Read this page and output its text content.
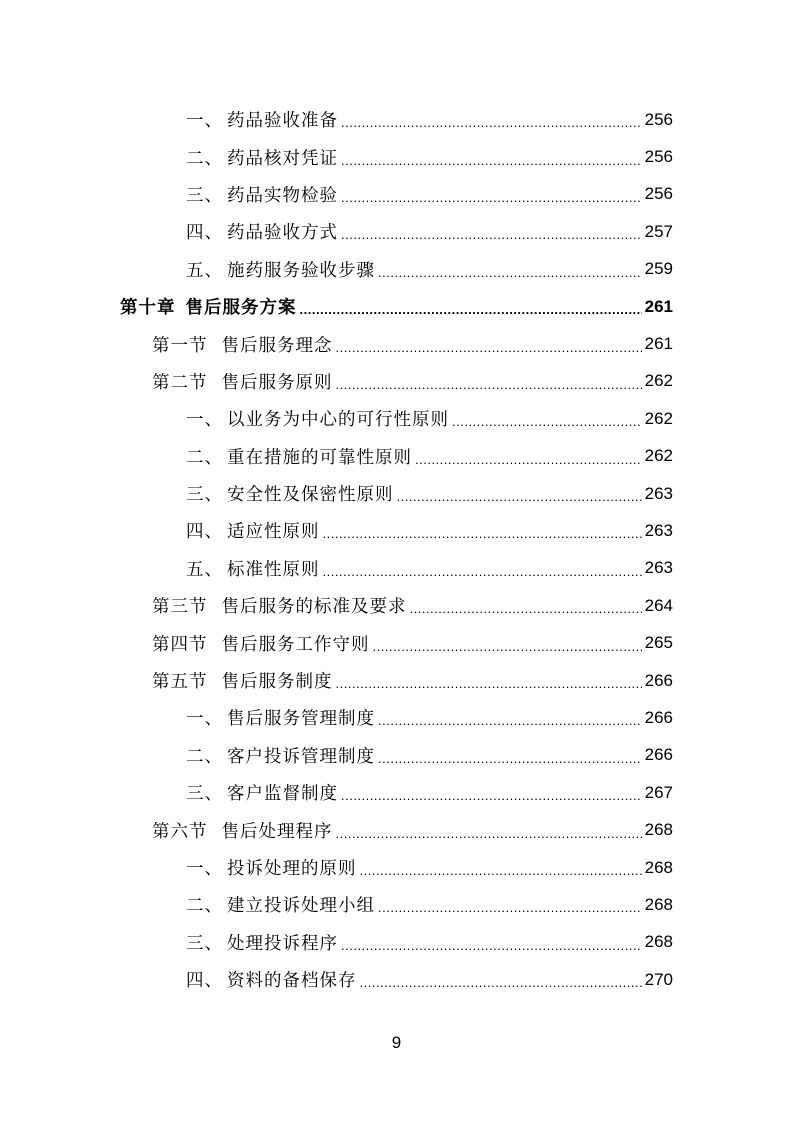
一、 药品验收准备 .....	256
二、 药品核对凭证 .....	256
三、 药品实物检验 .....	256
四、 药品验收方式 .....	257
五、 施药服务验收步骤 .....	259
第十章 售后服务方案 .....	261
第一节 售后服务理念 .....	261
第二节 售后服务原则 .....	262
一、 以业务为中心的可行性原则 .....	262
二、 重在措施的可靠性原则 .....	262
三、 安全性及保密性原则 .....	263
四、 适应性原则 .....	263
五、 标准性原则 .....	263
第三节 售后服务的标准及要求 .....	264
第四节 售后服务工作守则 .....	265
第五节 售后服务制度 .....	266
一、 售后服务管理制度 .....	266
二、 客户投诉管理制度 .....	266
三、 客户监督制度 .....	267
第六节 售后处理程序 .....	268
一、 投诉处理的原则 .....	268
二、 建立投诉处理小组 .....	268
三、 处理投诉程序 .....	268
四、 资料的备档保存 .....	270
9
